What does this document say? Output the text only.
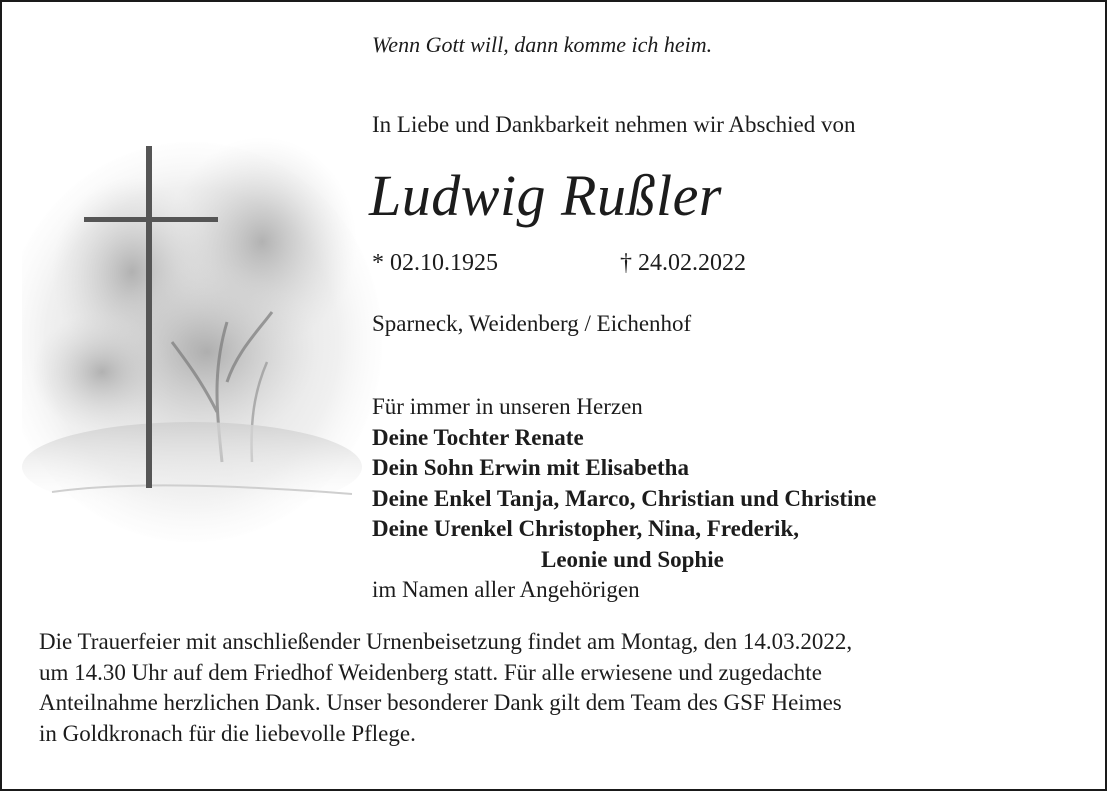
Wenn Gott will, dann komme ich heim.
In Liebe und Dankbarkeit nehmen wir Abschied von
Ludwig Rußler
* 02.10.1925	† 24.02.2022
Sparneck, Weidenberg / Eichenhof
Für immer in unseren Herzen
Deine Tochter Renate
Dein Sohn Erwin mit Elisabetha
Deine Enkel Tanja, Marco, Christian und Christine
Deine Urenkel Christopher, Nina, Frederik,
Leonie und Sophie
im Namen aller Angehörigen
Die Trauerfeier mit anschließender Urnenbeisetzung findet am Montag, den 14.03.2022,
um 14.30 Uhr auf dem Friedhof Weidenberg statt. Für alle erwiesene und zugedachte
Anteilnahme herzlichen Dank. Unser besonderer Dank gilt dem Team des GSF Heimes
in Goldkronach für die liebevolle Pflege.
